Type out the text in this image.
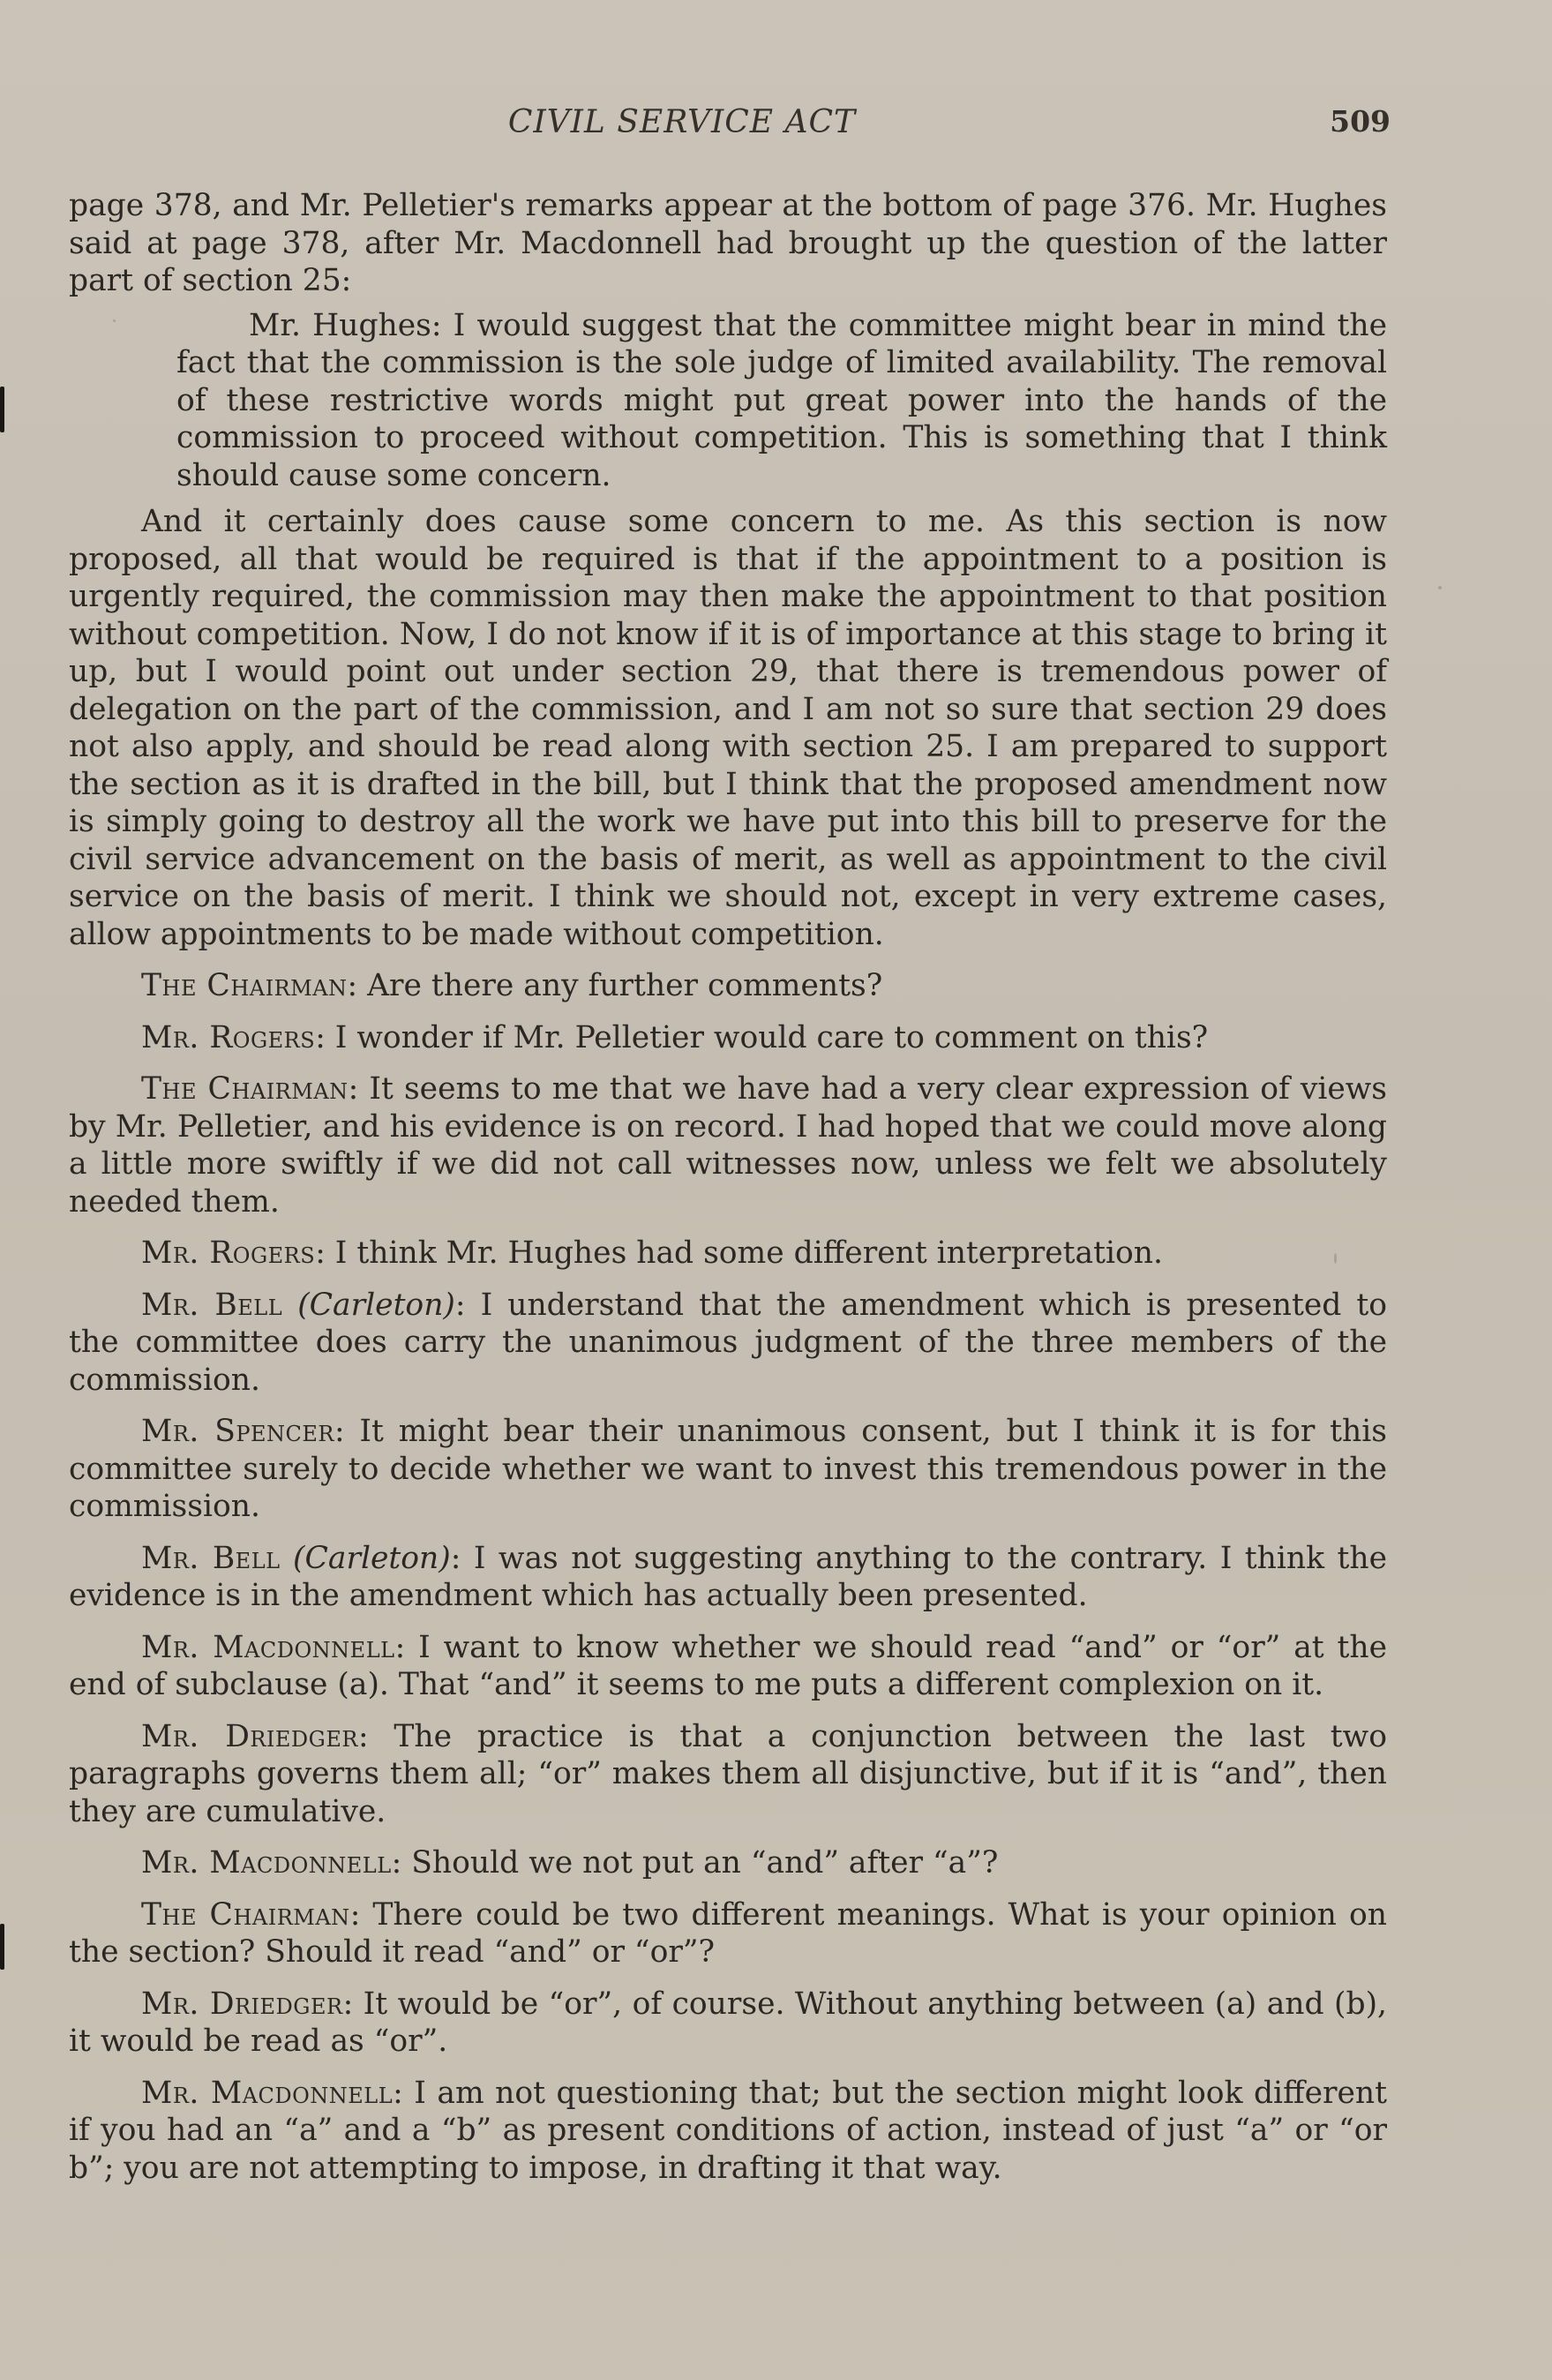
CIVIL SERVICE ACT	509

page 378, and Mr. Pelletier's remarks appear at the bottom of page 376. Mr. Hughes said at page 378, after Mr. Macdonnell had brought up the question of the latter part of section 25:

Mr. Hughes: I would suggest that the committee might bear in mind the fact that the commission is the sole judge of limited availability. The removal of these restrictive words might put great power into the hands of the commission to proceed without competition. This is something that I think should cause some concern.

And it certainly does cause some concern to me. As this section is now proposed, all that would be required is that if the appointment to a position is urgently required, the commission may then make the appointment to that position without competition. Now, I do not know if it is of importance at this stage to bring it up, but I would point out under section 29, that there is tremendous power of delegation on the part of the commission, and I am not so sure that section 29 does not also apply, and should be read along with section 25. I am prepared to support the section as it is drafted in the bill, but I think that the proposed amendment now is simply going to destroy all the work we have put into this bill to preserve for the civil service advancement on the basis of merit, as well as appointment to the civil service on the basis of merit. I think we should not, except in very extreme cases, allow appointments to be made without competition.

The Chairman: Are there any further comments?

Mr. Rogers: I wonder if Mr. Pelletier would care to comment on this?

The Chairman: It seems to me that we have had a very clear expression of views by Mr. Pelletier, and his evidence is on record. I had hoped that we could move along a little more swiftly if we did not call witnesses now, unless we felt we absolutely needed them.

Mr. Rogers: I think Mr. Hughes had some different interpretation.

Mr. Bell (Carleton): I understand that the amendment which is presented to the committee does carry the unanimous judgment of the three members of the commission.

Mr. Spencer: It might bear their unanimous consent, but I think it is for this committee surely to decide whether we want to invest this tremendous power in the commission.

Mr. Bell (Carleton): I was not suggesting anything to the contrary. I think the evidence is in the amendment which has actually been presented.

Mr. Macdonnell: I want to know whether we should read “and” or “or” at the end of subclause (a). That “and” it seems to me puts a different complexion on it.

Mr. Driedger: The practice is that a conjunction between the last two paragraphs governs them all; “or” makes them all disjunctive, but if it is “and”, then they are cumulative.

Mr. Macdonnell: Should we not put an “and” after “a”?

The Chairman: There could be two different meanings. What is your opinion on the section? Should it read “and” or “or”?

Mr. Driedger: It would be “or”, of course. Without anything between (a) and (b), it would be read as “or”.

Mr. Macdonnell: I am not questioning that; but the section might look different if you had an “a” and a “b” as present conditions of action, instead of just “a” or “or b”; you are not attempting to impose, in drafting it that way.
